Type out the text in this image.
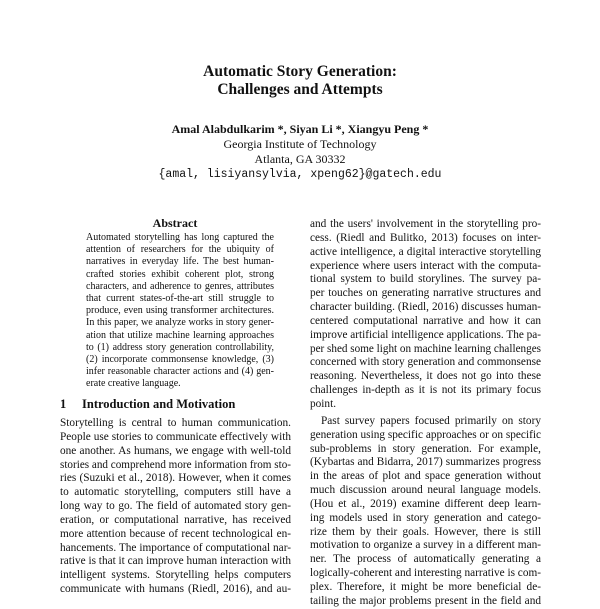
Automatic Story Generation:
Challenges and Attempts
Amal Alabdulkarim *, Siyan Li *, Xiangyu Peng *
Georgia Institute of Technology
Atlanta, GA 30332
{amal, lisiyansylvia, xpeng62}@gatech.edu
Abstract
Automated storytelling has long captured the
attention of researchers for the ubiquity of
narratives in everyday life. The best human-
crafted stories exhibit coherent plot, strong
characters, and adherence to genres, attributes
that current states-of-the-art still struggle to
produce, even using transformer architectures.
In this paper, we analyze works in story gener-
ation that utilize machine learning approaches
to (1) address story generation controllability,
(2) incorporate commonsense knowledge, (3)
infer reasonable character actions and (4) gen-
erate creative language.
1 Introduction and Motivation
Storytelling is central to human communication.
People use stories to communicate effectively with
one another. As humans, we engage with well-told
stories and comprehend more information from sto-
ries (Suzuki et al., 2018). However, when it comes
to automatic storytelling, computers still have a
long way to go. The field of automated story gen-
eration, or computational narrative, has received
more attention because of recent technological en-
hancements. The importance of computational nar-
rative is that it can improve human interaction with
intelligent systems. Storytelling helps computers
communicate with humans (Riedl, 2016), and au-
and the users' involvement in the storytelling pro-
cess. (Riedl and Bulitko, 2013) focuses on inter-
active intelligence, a digital interactive storytelling
experience where users interact with the computa-
tional system to build storylines. The survey pa-
per touches on generating narrative structures and
character building. (Riedl, 2016) discusses human-
centered computational narrative and how it can
improve artificial intelligence applications. The pa-
per shed some light on machine learning challenges
concerned with story generation and commonsense
reasoning. Nevertheless, it does not go into these
challenges in-depth as it is not its primary focus
point.
Past survey papers focused primarily on story
generation using specific approaches or on specific
sub-problems in story generation. For example,
(Kybartas and Bidarra, 2017) summarizes progress
in the areas of plot and space generation without
much discussion around neural language models.
(Hou et al., 2019) examine different deep learn-
ing models used in story generation and catego-
rize them by their goals. However, there is still
motivation to organize a survey in a different man-
ner. The process of automatically generating a
logically-coherent and interesting narrative is com-
plex. Therefore, it might be more beneficial de-
tailing the major problems present in the field and
